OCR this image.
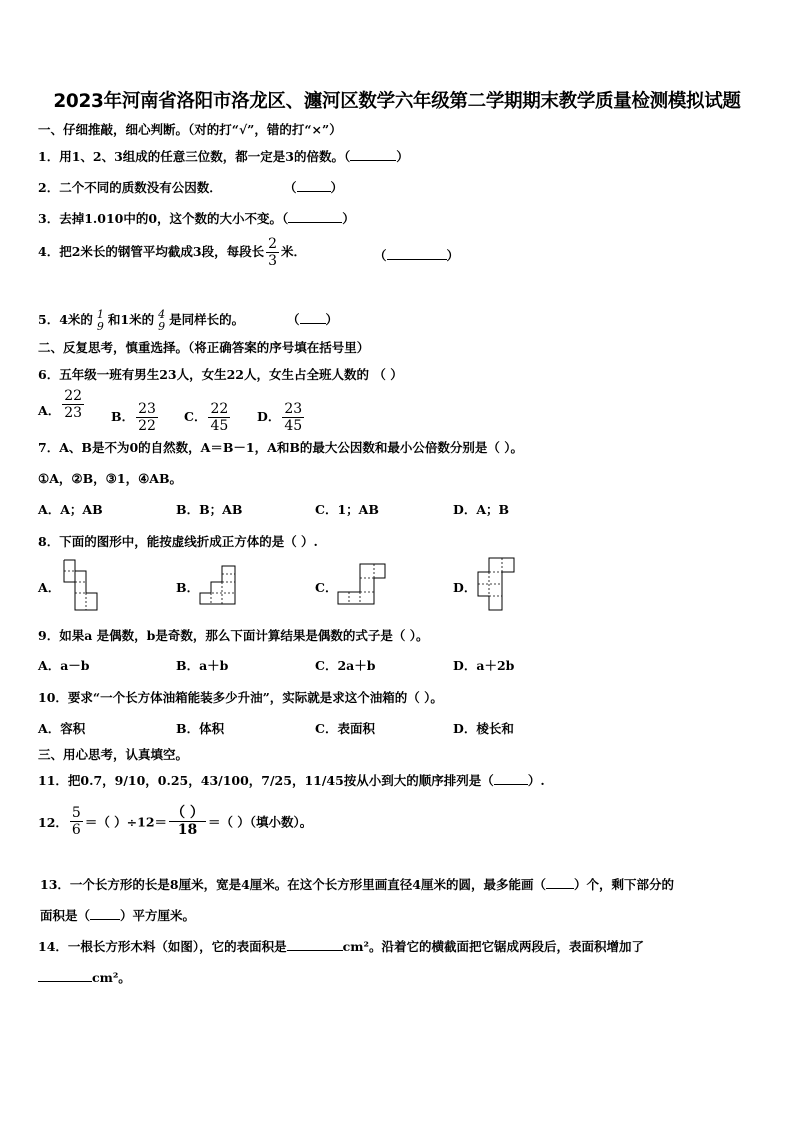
2023年河南省洛阳市洛龙区、瀍河区数学六年级第二学期期末教学质量检测模拟试题
一、仔细推敲，细心判断。（对的打“√”，错的打“×”）
1．用1、2、3组成的任意三位数，都一定是3的倍数。（	）
2．二个不同的质数没有公因数．	（	）
3．去掉1.010中的0，这个数的大小不变。（	）
4．把2米长的钢管平均截成3段，每段长 $\frac{2}{3}$ 米．	（	）
5．4米的 1
9 和1米的 4
9 是同样长的。	（ ）
二、反复思考，慎重选择。（将正确答案的序号填在括号里）
6．五年级一班有男生23人，女生22人，女生占全班人数的 （ ）
A． $\frac{22}{23}$ B． $\frac{23}{22}$ C． $\frac{22}{45}$ D． $\frac{23}{45}$
7．A、B是不为0的自然数，A＝B－1，A和B的最大公因数和最小公倍数分别是（ ）。
①A，②B，③1，④AB。
A．A；AB	B．B；AB	C．1；AB	D．A；B
8．下面的图形中，能按虚线折成正方体的是（ ）.
A．	B．	C．	D．
9．如果a 是偶数，b是奇数，那么下面计算结果是偶数的式子是（ ）。
A．a－b	B．a＋b	C．2a＋b	D．a＋2b
10．要求“一个长方体油箱能装多少升油”，实际就是求这个油箱的（ ）。
A．容积	B．体积	C．表面积	D．棱长和
三、用心思考，认真填空。
11．把0.7，9/10，0.25，43/100，7/25，11/45按从小到大的顺序排列是（	）.
12． $\frac{5}{6}$ ＝（ ）$\div 12= \frac{( )}{18}$ ＝（ ）（填小数）。
13．一个长方形的长是8厘米，宽是4厘米。在这个长方形里画直径4厘米的圆，最多能画（ ）个，剩下部分的
面积是（ ）平方厘米。
14．一根长方形木料（如图），它的表面积是	cm²。沿着它的横截面把它锯成两段后，表面积增加了
cm²。
